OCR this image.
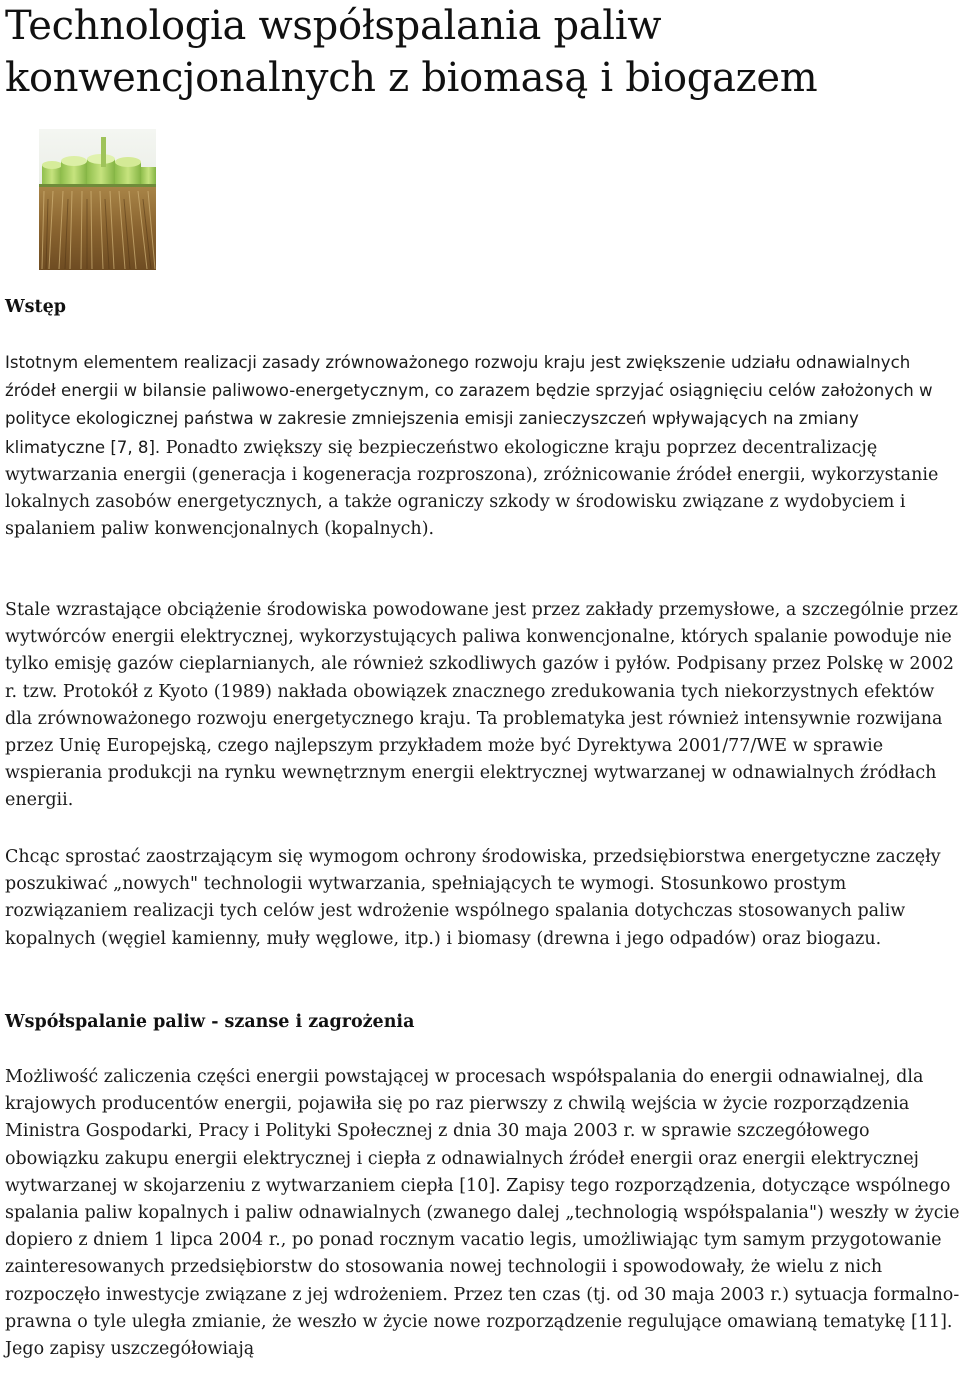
Technologia współspalania paliw konwencjonalnych z biomasą i biogazem
Wstęp

Istotnym elementem realizacji zasady zrównoważonego rozwoju kraju jest zwiększenie udziału odnawialnych źródeł energii w bilansie paliwowo-energetycznym, co zarazem będzie sprzyjać osiągnięciu celów założonych w polityce ekologicznej państwa w zakresie zmniejszenia emisji zanieczyszczeń wpływających na zmiany klimatyczne [7, 8]. Ponadto zwiększy się bezpieczeństwo ekologiczne kraju poprzez decentralizację wytwarzania energii (generacja i kogeneracja rozproszona), zróżnicowanie źródeł energii, wykorzystanie lokalnych zasobów energetycznych, a także ograniczy szkody w środowisku związane z wydobyciem i spalaniem paliw konwencjonalnych (kopalnych).

Stale wzrastające obciążenie środowiska powodowane jest przez zakłady przemysłowe, a szczególnie przez wytwórców energii elektrycznej, wykorzystujących paliwa konwencjonalne, których spalanie powoduje nie tylko emisję gazów cieplarnianych, ale również szkodliwych gazów i pyłów. Podpisany przez Polskę w 2002 r. tzw. Protokół z Kyoto (1989) nakłada obowiązek znacznego zredukowania tych niekorzystnych efektów dla zrównoważonego rozwoju energetycznego kraju. Ta problematyka jest również intensywnie rozwijana przez Unię Europejską, czego najlepszym przykładem może być Dyrektywa 2001/77/WE w sprawie wspierania produkcji na rynku wewnętrznym energii elektrycznej wytwarzanej w odnawialnych źródłach energii.

Chcąc sprostać zaostrzającym się wymogom ochrony środowiska, przedsiębiorstwa energetyczne zaczęły poszukiwać „nowych" technologii wytwarzania, spełniających te wymogi. Stosunkowo prostym rozwiązaniem realizacji tych celów jest wdrożenie wspólnego spalania dotychczas stosowanych paliw kopalnych (węgiel kamienny, muły węglowe, itp.) i biomasy (drewna i jego odpadów) oraz biogazu.

Współspalanie paliw - szanse i zagrożenia

Możliwość zaliczenia części energii powstającej w procesach współspalania do energii odnawialnej, dla krajowych producentów energii, pojawiła się po raz pierwszy z chwilą wejścia w życie rozporządzenia Ministra Gospodarki, Pracy i Polityki Społecznej z dnia 30 maja 2003 r. w sprawie szczegółowego obowiązku zakupu energii elektrycznej i ciepła z odnawialnych źródeł energii oraz energii elektrycznej wytwarzanej w skojarzeniu z wytwarzaniem ciepła [10]. Zapisy tego rozporządzenia, dotyczące wspólnego spalania paliw kopalnych i paliw odnawialnych (zwanego dalej „technologią współspalania") weszły w życie dopiero z dniem 1 lipca 2004 r., po ponad rocznym vacatio legis, umożliwiając tym samym przygotowanie zainteresowanych przedsiębiorstw do stosowania nowej technologii i spowodowały, że wielu z nich rozpoczęło inwestycje związane z jej wdrożeniem. Przez ten czas (tj. od 30 maja 2003 r.) sytuacja formalno-prawna o tyle uległa zmianie, że weszło w życie nowe rozporządzenie regulujące omawianą tematykę [11]. Jego zapisy uszczegółowiają
